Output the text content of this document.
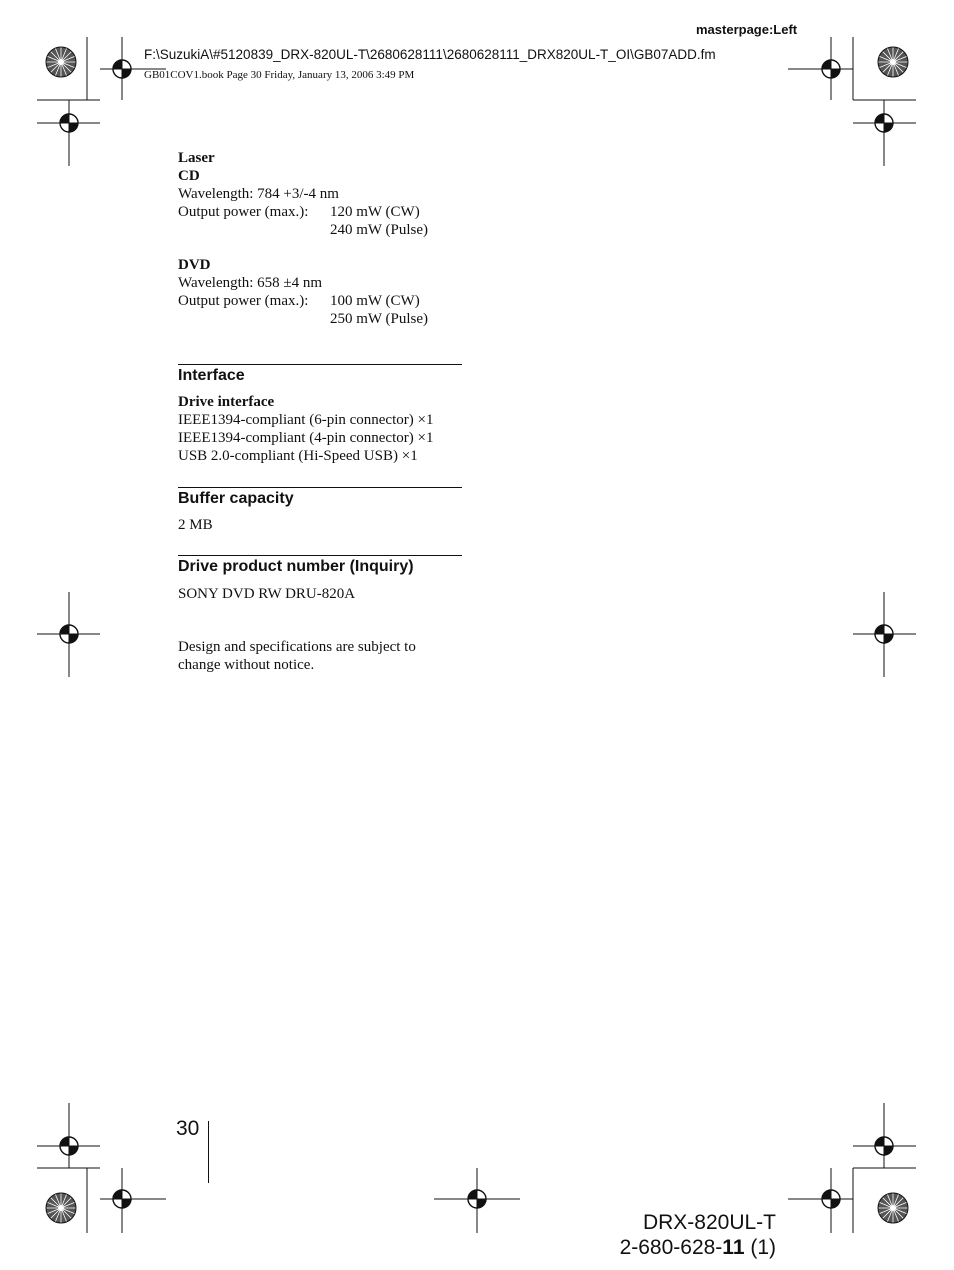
masterpage:Left
F:\SuzukiA\#5120839_DRX-820UL-T\2680628111\2680628111_DRX820UL-T_OI\GB07ADD.fm
GB01COV1.book Page 30 Friday, January 13, 2006 3:49 PM
Laser
CD
Wavelength: 784 +3/-4 nm
Output power (max.): 120 mW (CW)
240 mW (Pulse)
DVD
Wavelength: 658 ±4 nm
Output power (max.): 100 mW (CW)
250 mW (Pulse)
Interface
Drive interface
IEEE1394-compliant (6-pin connector) ×1
IEEE1394-compliant (4-pin connector) ×1
USB 2.0-compliant (Hi-Speed USB) ×1
Buffer capacity
2 MB
Drive product number (Inquiry)
SONY DVD RW DRU-820A
Design and specifications are subject to
change without notice.
30
DRX-820UL-T
2-680-628-11 (1)
